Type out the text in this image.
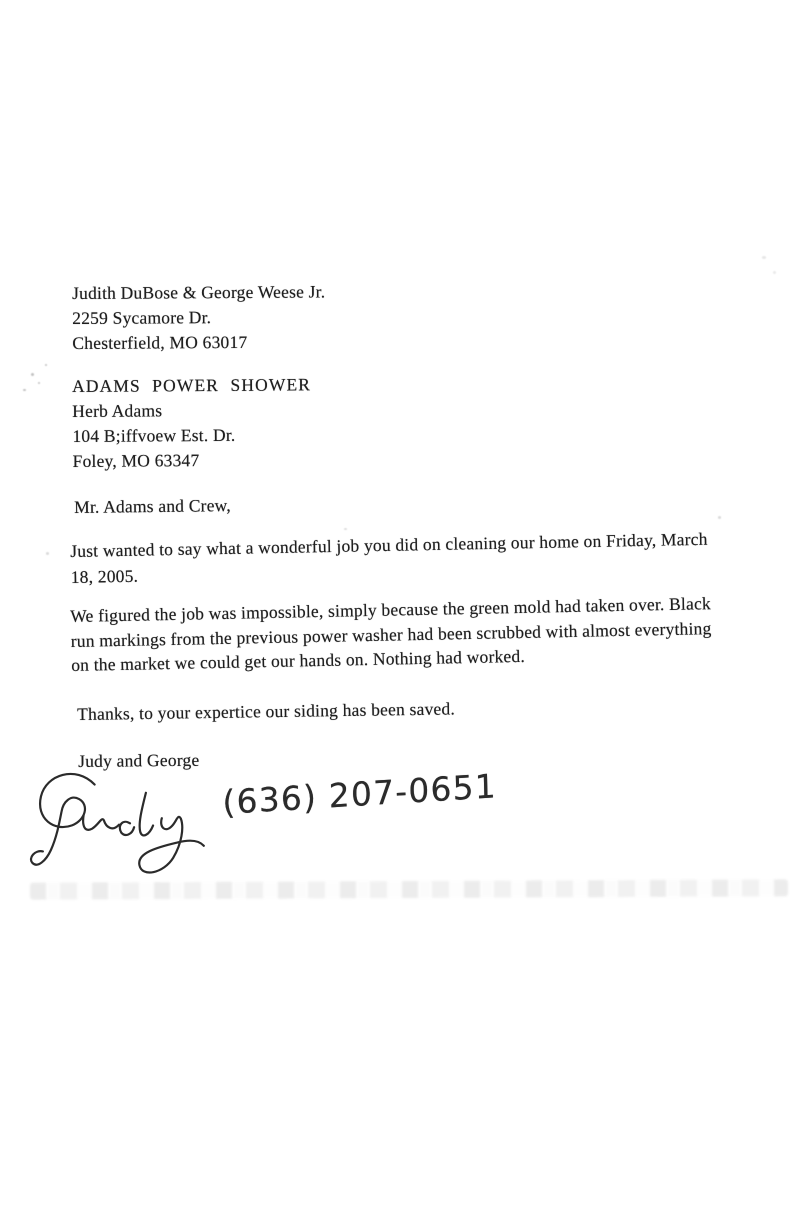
Judith DuBose & George Weese Jr.
2259 Sycamore Dr.
Chesterfield, MO 63017
ADAMS POWER SHOWER
Herb Adams
104 B;iffvoew Est. Dr.
Foley, MO 63347
Mr. Adams and Crew,
Just wanted to say what a wonderful job you did on cleaning our home on Friday, March
18, 2005.
We figured the job was impossible, simply because the green mold had taken over. Black
run markings from the previous power washer had been scrubbed with almost everything
on the market we could get our hands on. Nothing had worked.
Thanks, to your expertice our siding has been saved.
Judy and George
(636) 207-0651
